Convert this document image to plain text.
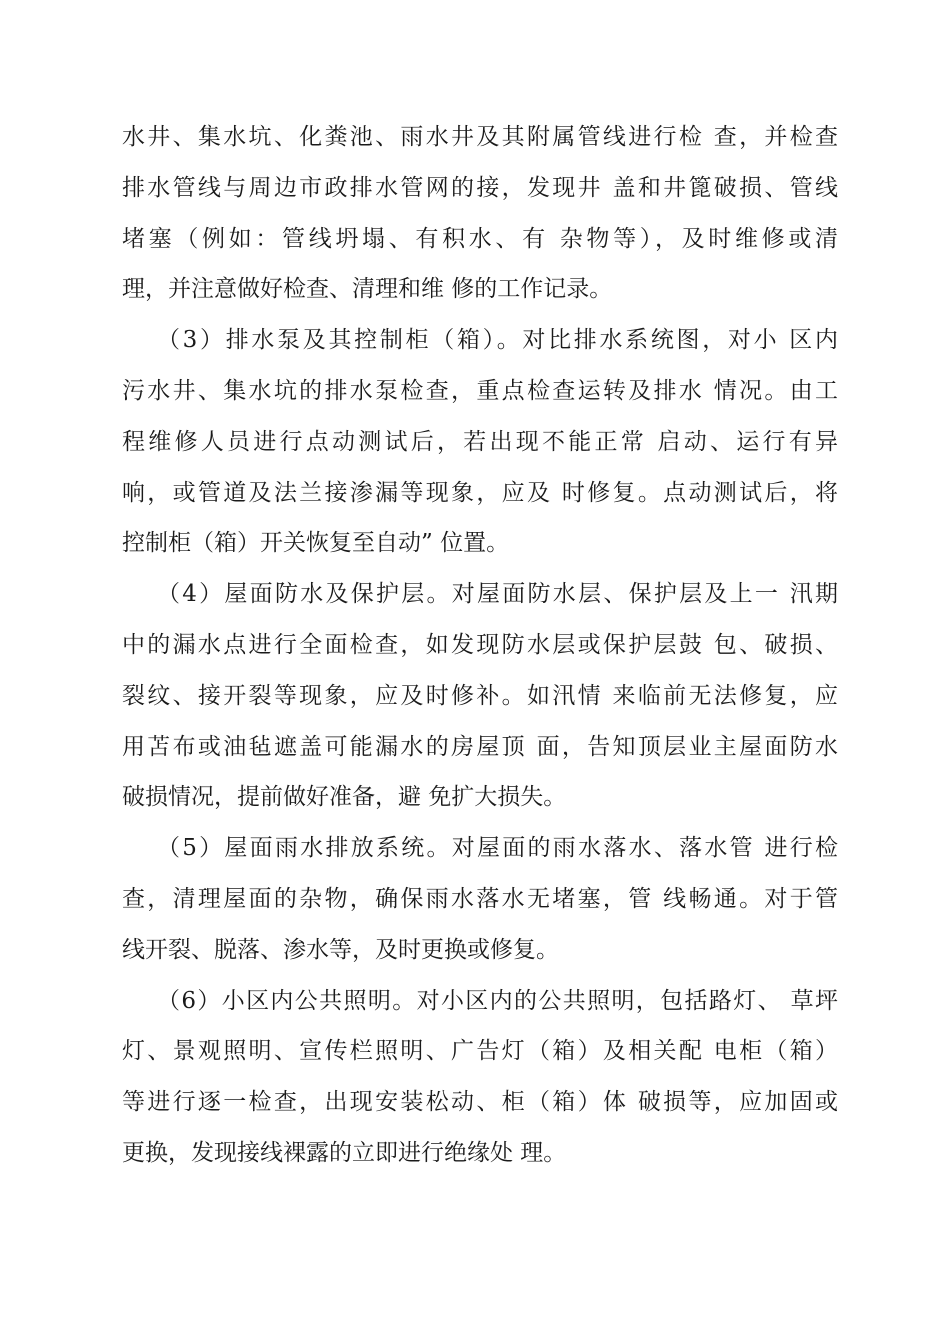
水井、集水坑、化粪池、雨水井及其附属管线进行检 查，并检查

排水管线与周边市政排水管网的接，发现井 盖和井篦破损、管线

堵塞（例如：管线坍塌、有积水、有 杂物等），及时维修或清

理，并注意做好检查、清理和维 修的工作记录。

（3）排水泵及其控制柜（箱）。对比排水系统图，对小 区内

污水井、集水坑的排水泵检查，重点检查运转及排水 情况。由工

程维修人员进行点动测试后，若出现不能正常 启动、运行有异

响，或管道及法兰接渗漏等现象，应及 时修复。点动测试后，将

控制柜（箱）开关恢复至自动” 位置。

（4）屋面防水及保护层。对屋面防水层、保护层及上一 汛期

中的漏水点进行全面检查，如发现防水层或保护层鼓 包、破损、

裂纹、接开裂等现象，应及时修补。如汛情 来临前无法修复，应

用苫布或油毡遮盖可能漏水的房屋顶 面，告知顶层业主屋面防水

破损情况，提前做好准备，避 免扩大损失。

（5）屋面雨水排放系统。对屋面的雨水落水、落水管 进行检

查，清理屋面的杂物，确保雨水落水无堵塞，管 线畅通。对于管

线开裂、脱落、渗水等，及时更换或修复。

（6）小区内公共照明。对小区内的公共照明，包括路灯、 草坪

灯、景观照明、宣传栏照明、广告灯（箱）及相关配 电柜（箱）

等进行逐一检查，出现安装松动、柜（箱）体 破损等，应加固或

更换，发现接线裸露的立即进行绝缘处 理。
